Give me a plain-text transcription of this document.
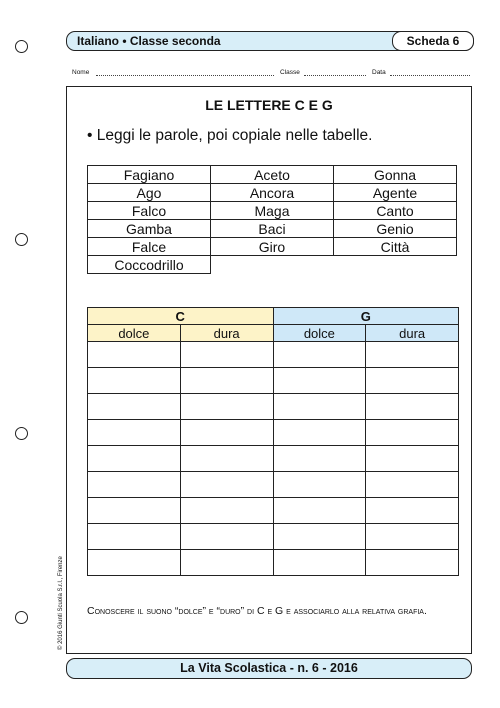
Italiano • Classe seconda	Scheda 6
Nome	Classe	Data
LE LETTERE C E G
• Leggi le parole, poi copiale nelle tabelle.
Fagiano	Aceto	Gonna
Ago	Ancora	Agente
Falco	Maga	Canto
Gamba	Baci	Genio
Falce	Giro	Città
Coccodrillo		
C		G	
dolce	dura	dolce	dura

Conoscere il suono “dolce” e “duro” di C e G e associarlo alla relativa grafia.
© 2016 Giunti Scuola S.r.l., Firenze
La Vita Scolastica - n. 6 - 2016
